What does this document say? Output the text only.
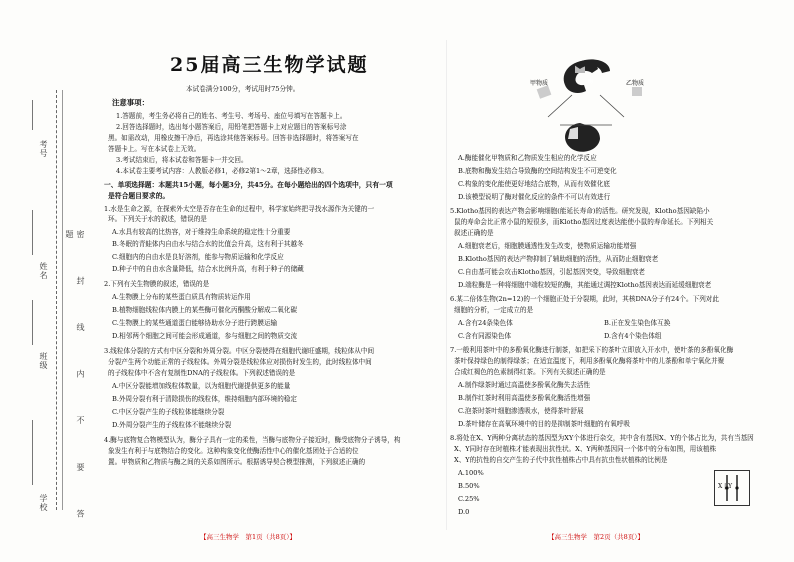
考号
姓名
班级
学校	密 封 线 内 不 要 答 题
25届高三生物学试题
本试卷满分100分，考试用时75分钟。
注意事项：
1.答题前，考生务必将自己的姓名、考生号、考场号、座位号填写在答题卡上。
2.回答选择题时，选出每小题答案后，用铅笔把答题卡上对应题目的答案标号涂
黑。如需改动，用橡皮擦干净后，再选涂其他答案标号。回答非选择题时，将答案写在
答题卡上。写在本试卷上无效。
3.考试结束后，将本试卷和答题卡一并交回。
4.本试卷主要考试内容：人教版必修1，必修2第1～2章，选择性必修3。
一、单项选择题：本题共15小题，每小题3分，共45分。在每小题给出的四个选项中，只有一项
是符合题目要求的。
1.水是生命之源，在探索外太空是否存在生命的过程中，科学家始终把寻找水源作为关键的一
环。下列关于水的叙述，错误的是
A.水具有较高的比热容，对于维持生命系统的稳定性十分重要
B.冬眠的青蛙体内自由水与结合水的比值会升高，这有利于其越冬
C.细胞内的自由水是良好溶剂，能参与物质运输和化学反应
D.种子中的自由水含量降低，结合水比例升高，有利于种子的储藏
2.下列有关生物膜的叙述，错误的是
A.生物膜上分布的某些蛋白质具有物质转运作用
B.植物细胞线粒体内膜上的某些酶可催化丙酮酸分解成二氧化碳
C.生物膜上的某些通道蛋白能够协助水分子进行跨膜运输
D.相邻两个细胞之间可能会形成通道，参与细胞之间的物质交流
3.线粒体分裂的方式有中区分裂和外周分裂。中区分裂使得在细胞代谢旺盛期，线粒体从中间
分裂产生两个功能正常的子线粒体。外周分裂是线粒体应对损伤时发生的，此时线粒体中间
的子线粒体中不含有复制性DNA的子线粒体。下列叙述错误的是
A.中区分裂能增加线粒体数量，以为细胞代谢提供更多的能量
B.外周分裂有利于清除损伤的线粒体，维持细胞内部环境的稳定
C.中区分裂产生的子线粒体能继续分裂
D.外周分裂产生的子线粒体不能继续分裂
4.酶与底物复合物模型认为，酶分子具有一定的柔性，当酶与底物分子接近时，酶受底物分子诱导，构
象发生有利于与底物结合的变化。这种构象变化使酶活性中心的催化基团处于合适的位
置。甲物质和乙物质与酶之间的关系如图所示。根据诱导契合模型推测，下列叙述正确的
【高三生物学　第1页（共8页）】
甲物质	乙物质
酶
A.酶能催化甲物质和乙物质发生相应的化学反应
B.底物和酶发生结合导致酶的空间结构发生不可逆变化
C.构象的变化能使更好地结合底物，从而有效催化底
D.该模型说明了酶对催化反应的条件不可以有效进行
5.Klotho基因的表达产物会影响细胞(能延长寿命)的活性。研究发现，Klotho基因缺陷小
鼠的寿命会比正常小鼠的短很多，而Klotho基因过度表达能使小鼠的寿命延长。下列相关
叙述正确的是
A.细胞衰老后，细胞膜通透性发生改变，使物质运输功能增强
B.Klotho基因的表达产物抑制了辅助细胞的活性，从而防止细胞衰老
C.自由基可能会攻击Klotho基因，引起基因突变，导致细胞衰老
D.端粒酶是一种将细胞中端粒较短的酶，其能通过调控Klotho基因表达而延缓细胞衰老
6.某二倍体生物(2n=12)的一个细胞正处于分裂期，此时，其核DNA分子有24个。下列对此
细胞的分析，一定成立的是
A.含有24条染色体	B.正在发生染色体互换
C.含有同源染色体	D.含有4个染色体组
7.一般利用茶叶中的多酚氧化酶进行制茶，如把采下的茶叶立即放入开水中，使叶茶的多酚氧化酶
茶叶保持绿色的制得绿茶；在适宜温度下，利用多酚氧化酶将茶叶中的儿茶酚和单宁氧化并聚
合成红褐色的色素制得红茶。下列有关叙述正确的是
A.制作绿茶时通过高温使多酚氧化酶失去活性
B.制作红茶时利用高温使多酚氧化酶活性增强
C.泡茶时茶叶细胞渗透吸水，使得茶叶舒展
D.茶叶储存在高氧环境中的目的是抑制茶叶细胞的有氧呼吸
8.将处在X、Y两种分离状态的基因型为XY个体进行杂交，其中含有基因X、Y的个体占比为，共有当基因
X、Y同时存在时植株才能表现出抗性状。X、Y两种基因同一个体中的分布如图，用该植株
X、Y的抗性的自交产生的子代中抗性植株占中具有抗虫性状植株的比例是
A.100%
B.50%
C.25%
D.0
X | Y
【高三生物学　第2页（共8页）】
